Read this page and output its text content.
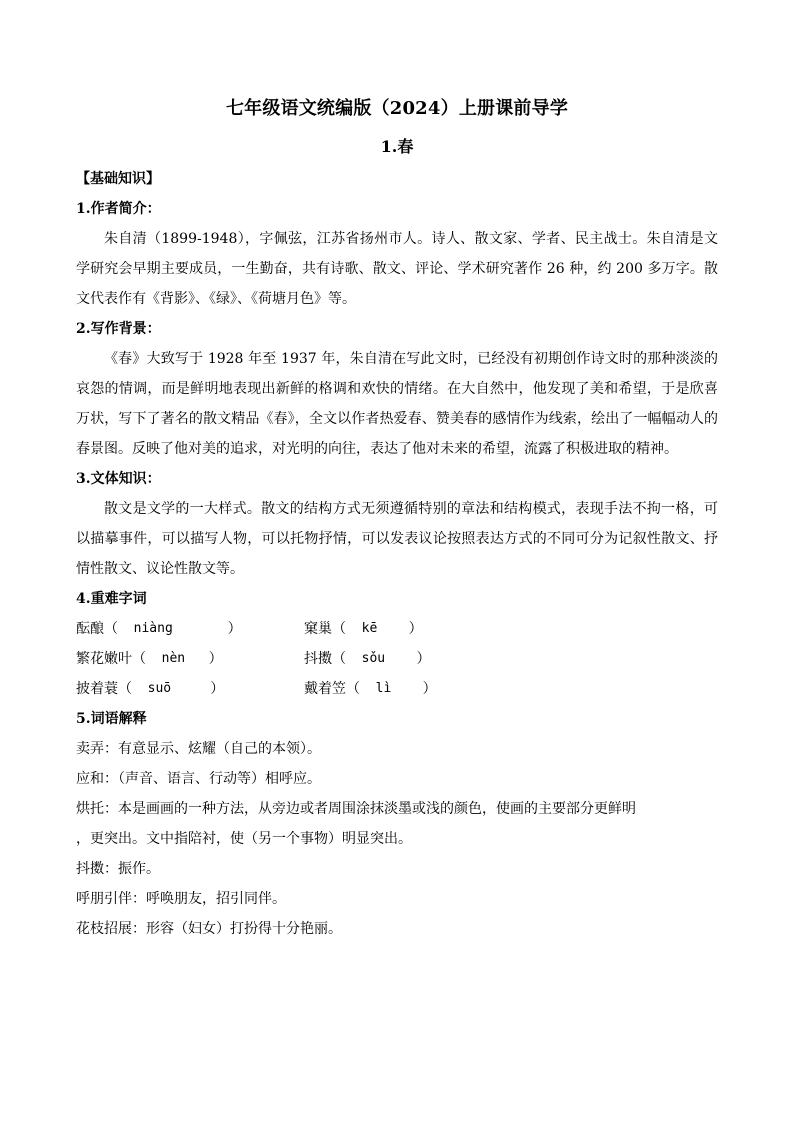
七年级语文统编版（2024）上册课前导学
1.春
【基础知识】
1.作者简介：

朱自清（1899-1948），字佩弦，江苏省扬州市人。诗人、散文家、学者、民主战士。朱自清是文学研究会早期主要成员，一生勤奋，共有诗歌、散文、评论、学术研究著作 26 种，约 200 多万字。散文代表作有《背影》、《绿》、《荷塘月色》等。

2.写作背景：

《春》大致写于 1928 年至 1937 年，朱自清在写此文时，已经没有初期创作诗文时的那种淡淡的哀怨的情调，而是鲜明地表现出新鲜的格调和欢快的情绪。在大自然中，他发现了美和希望，于是欣喜万状，写下了著名的散文精品《春》，全文以作者热爱春、赞美春的感情作为线索，绘出了一幅幅动人的春景图。反映了他对美的追求，对光明的向往，表达了他对未来的希望，流露了积极进取的精神。

3.文体知识：

散文是文学的一大样式。散文的结构方式无须遵循特别的章法和结构模式，表现手法不拘一格，可以描摹事件，可以描写人物，可以托物抒情，可以发表议论按照表达方式的不同可分为记叙性散文、抒情性散文、议论性散文等。

4.重难字词
酝酿 （ niàng ）	窠巢 （ kē ）
繁花嫩叶 （ nèn ）	抖擞 （ sǒu ）
披着蓑 （ suō ）	戴着笠 （ lì ）
5.词语解释
卖弄：有意显示、炫耀（自己的本领）。
应和：（声音、语言、行动等）相呼应。
烘托：本是画画的一种方法，从旁边或者周围涂抹淡墨或浅的颜色，使画的主要部分更鲜明
，更突出。文中指陪衬，使（另一个事物）明显突出。
抖擞：振作。
呼朋引伴：呼唤朋友，招引同伴。
花枝招展：形容（妇女）打扮得十分艳丽。
